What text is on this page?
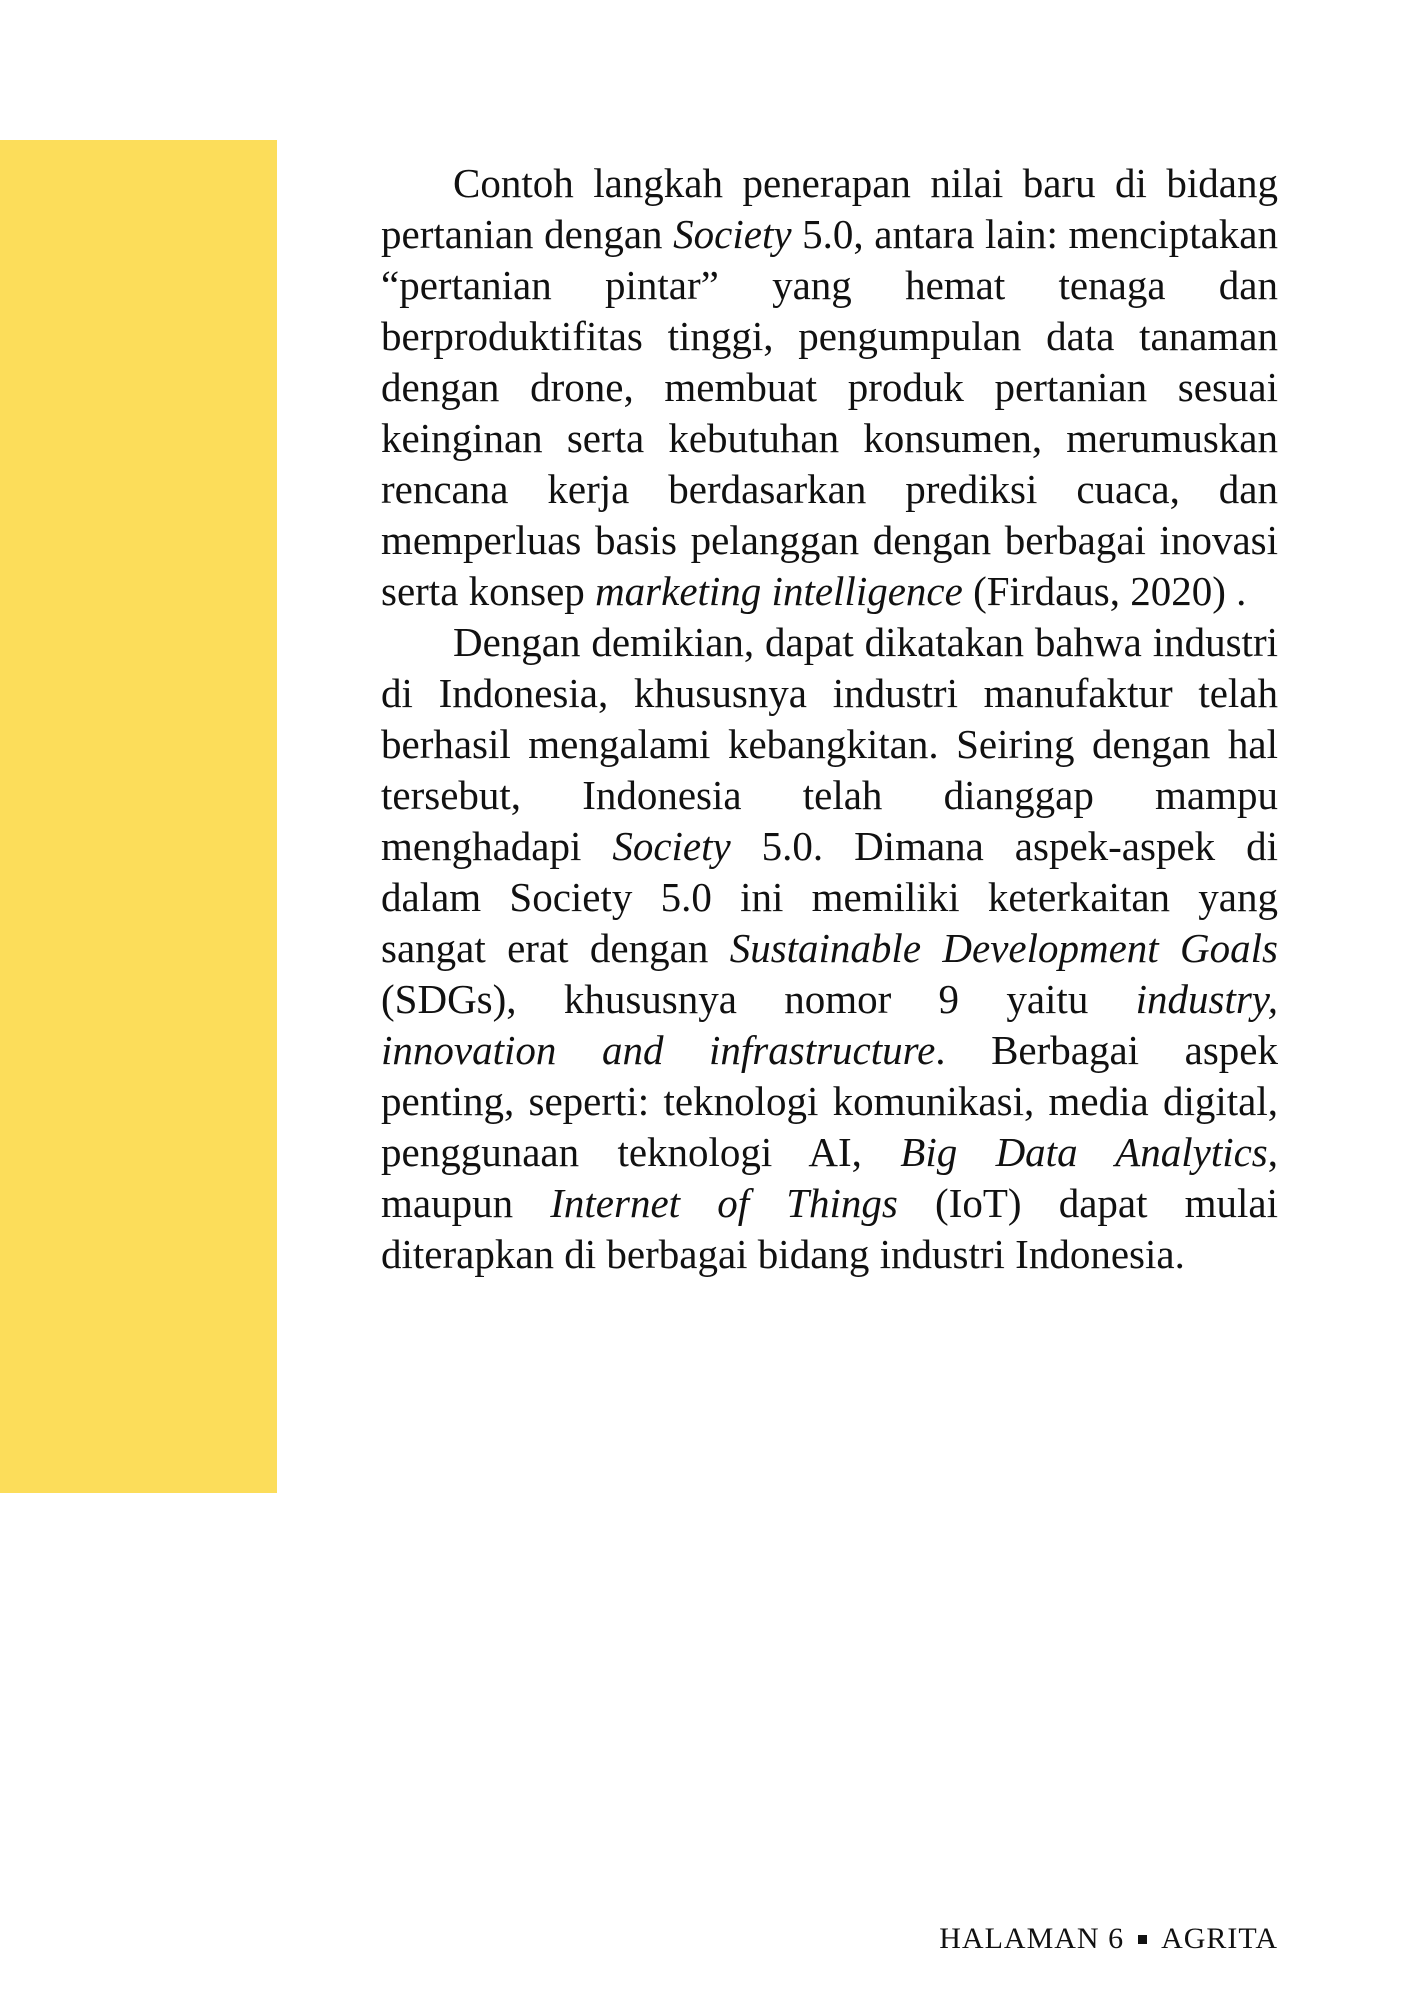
Contoh langkah penerapan nilai baru di bidang pertanian dengan Society 5.0, antara lain: menciptakan “pertanian pintar” yang hemat tenaga dan berproduktifitas tinggi, pengumpulan data tanaman dengan drone, membuat produk pertanian sesuai keinginan serta kebutuhan konsumen, merumuskan rencana kerja berdasarkan prediksi cuaca, dan memperluas basis pelanggan dengan berbagai inovasi serta konsep marketing intelligence (Firdaus, 2020) .

Dengan demikian, dapat dikatakan bahwa industri di Indonesia, khususnya industri manufaktur telah berhasil mengalami kebangkitan. Seiring dengan hal tersebut, Indonesia telah dianggap mampu menghadapi Society 5.0. Dimana aspek-aspek di dalam Society 5.0 ini memiliki keterkaitan yang sangat erat dengan Sustainable Development Goals (SDGs), khususnya nomor 9 yaitu industry, innovation and infrastructure. Berbagai aspek penting, seperti: teknologi komunikasi, media digital, penggunaan teknologi AI, Big Data Analytics, maupun Internet of Things (IoT) dapat mulai diterapkan di berbagai bidang industri Indonesia.

HALAMAN 6 AGRITA
